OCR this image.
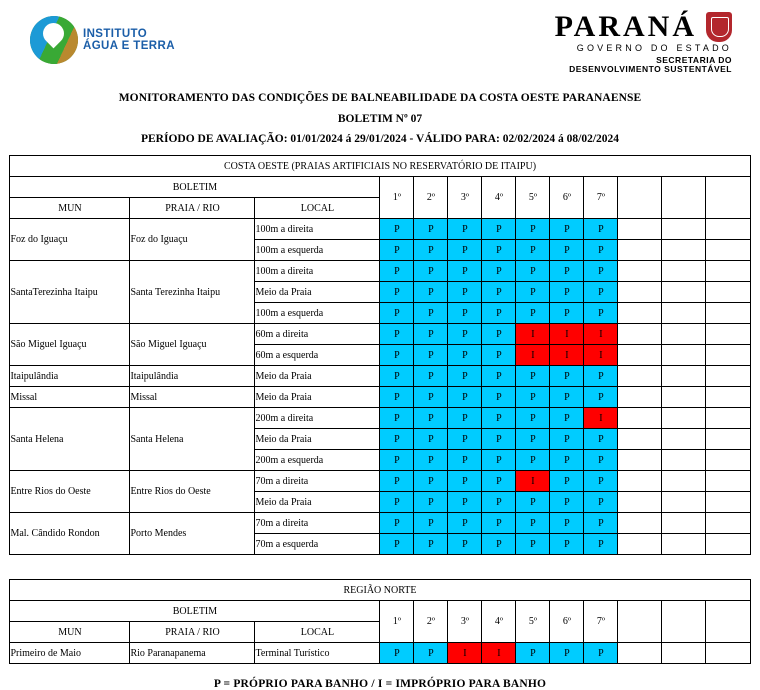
INSTITUTO
ÁGUA E TERRA
PARANÁ
GOVERNO DO ESTADO
SECRETARIA DO
DESENVOLVIMENTO SUSTENTÁVEL
MONITORAMENTO DAS CONDIÇÕES DE BALNEABILIDADE DA COSTA OESTE PARANAENSE
BOLETIM Nº 07
PERÍODO DE AVALIAÇÃO: 01/01/2024 á 29/01/2024 - VÁLIDO PARA: 02/02/2024 á 08/02/2024
COSTA OESTE (PRAIAS ARTIFICIAIS NO RESERVATÓRIO DE ITAIPU)												
BOLETIM			1º	2º	3º	4º	5º	6º	7º			
MUN	PRAIA / RIO	LOCAL										
Foz do Iguaçu	Foz do Iguaçu	100m a direita	P	P	P	P	P	P	P			
		100m a esquerda	P	P	P	P	P	P	P			
SantaTerezinha Itaipu	Santa Terezinha Itaipu	100m a direita	P	P	P	P	P	P	P			
		Meio da Praia	P	P	P	P	P	P	P			
		100m a esquerda	P	P	P	P	P	P	P			
São Miguel Iguaçu	São Miguel Iguaçu	60m a direita	P	P	P	P	I	I	I			
		60m a esquerda	P	P	P	P	I	I	I			
Itaipulândia	Itaipulândia	Meio da Praia	P	P	P	P	P	P	P			
Missal	Missal	Meio da Praia	P	P	P	P	P	P	P			
Santa Helena	Santa Helena	200m a direita	P	P	P	P	P	P	I			
		Meio da Praia	P	P	P	P	P	P	P			
		200m a esquerda	P	P	P	P	P	P	P			
Entre Rios do Oeste	Entre Rios do Oeste	70m a direita	P	P	P	P	I	P	P			
		Meio da Praia	P	P	P	P	P	P	P			
Mal. Cândido Rondon	Porto Mendes	70m a direita	P	P	P	P	P	P	P			
		70m a esquerda	P	P	P	P	P	P	P			
REGIÃO NORTE												
BOLETIM			1º	2º	3º	4º	5º	6º	7º			
MUN	PRAIA / RIO	LOCAL										
Primeiro de Maio	Rio Paranapanema	Terminal Turístico	P	P	I	I	P	P	P			
P = PRÓPRIO PARA BANHO / I = IMPRÓPRIO PARA BANHO
